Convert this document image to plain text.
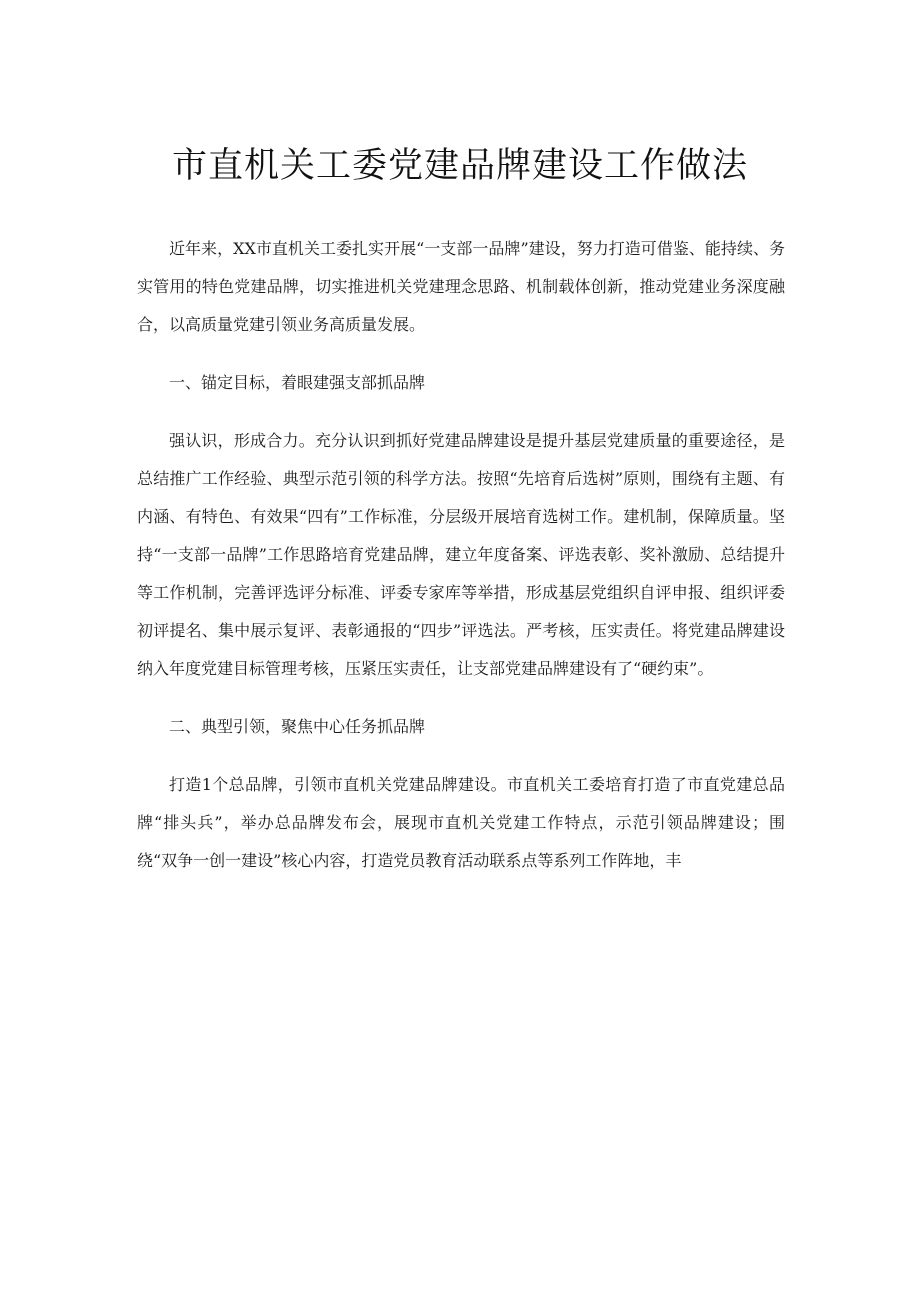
市直机关工委党建品牌建设工作做法

近年来，XX市直机关工委扎实开展“一支部一品牌”建设，努力打造可借鉴、能持续、务实管用的特色党建品牌，切实推进机关党建理念思路、机制载体创新，推动党建业务深度融合，以高质量党建引领业务高质量发展。

一、锚定目标，着眼建强支部抓品牌

强认识，形成合力。充分认识到抓好党建品牌建设是提升基层党建质量的重要途径，是总结推广工作经验、典型示范引领的科学方法。按照“先培育后选树”原则，围绕有主题、有内涵、有特色、有效果“四有”工作标准，分层级开展培育选树工作。建机制，保障质量。坚持“一支部一品牌”工作思路培育党建品牌，建立年度备案、评选表彰、奖补激励、总结提升等工作机制，完善评选评分标准、评委专家库等举措，形成基层党组织自评申报、组织评委初评提名、集中展示复评、表彰通报的“四步”评选法。严考核，压实责任。将党建品牌建设纳入年度党建目标管理考核，压紧压实责任，让支部党建品牌建设有了“硬约束”。

二、典型引领，聚焦中心任务抓品牌

打造1个总品牌，引领市直机关党建品牌建设。市直机关工委培育打造了市直党建总品牌“排头兵”，举办总品牌发布会，展现市直机关党建工作特点，示范引领品牌建设；围绕“双争一创一建设”核心内容，打造党员教育活动联系点等系列工作阵地，丰
